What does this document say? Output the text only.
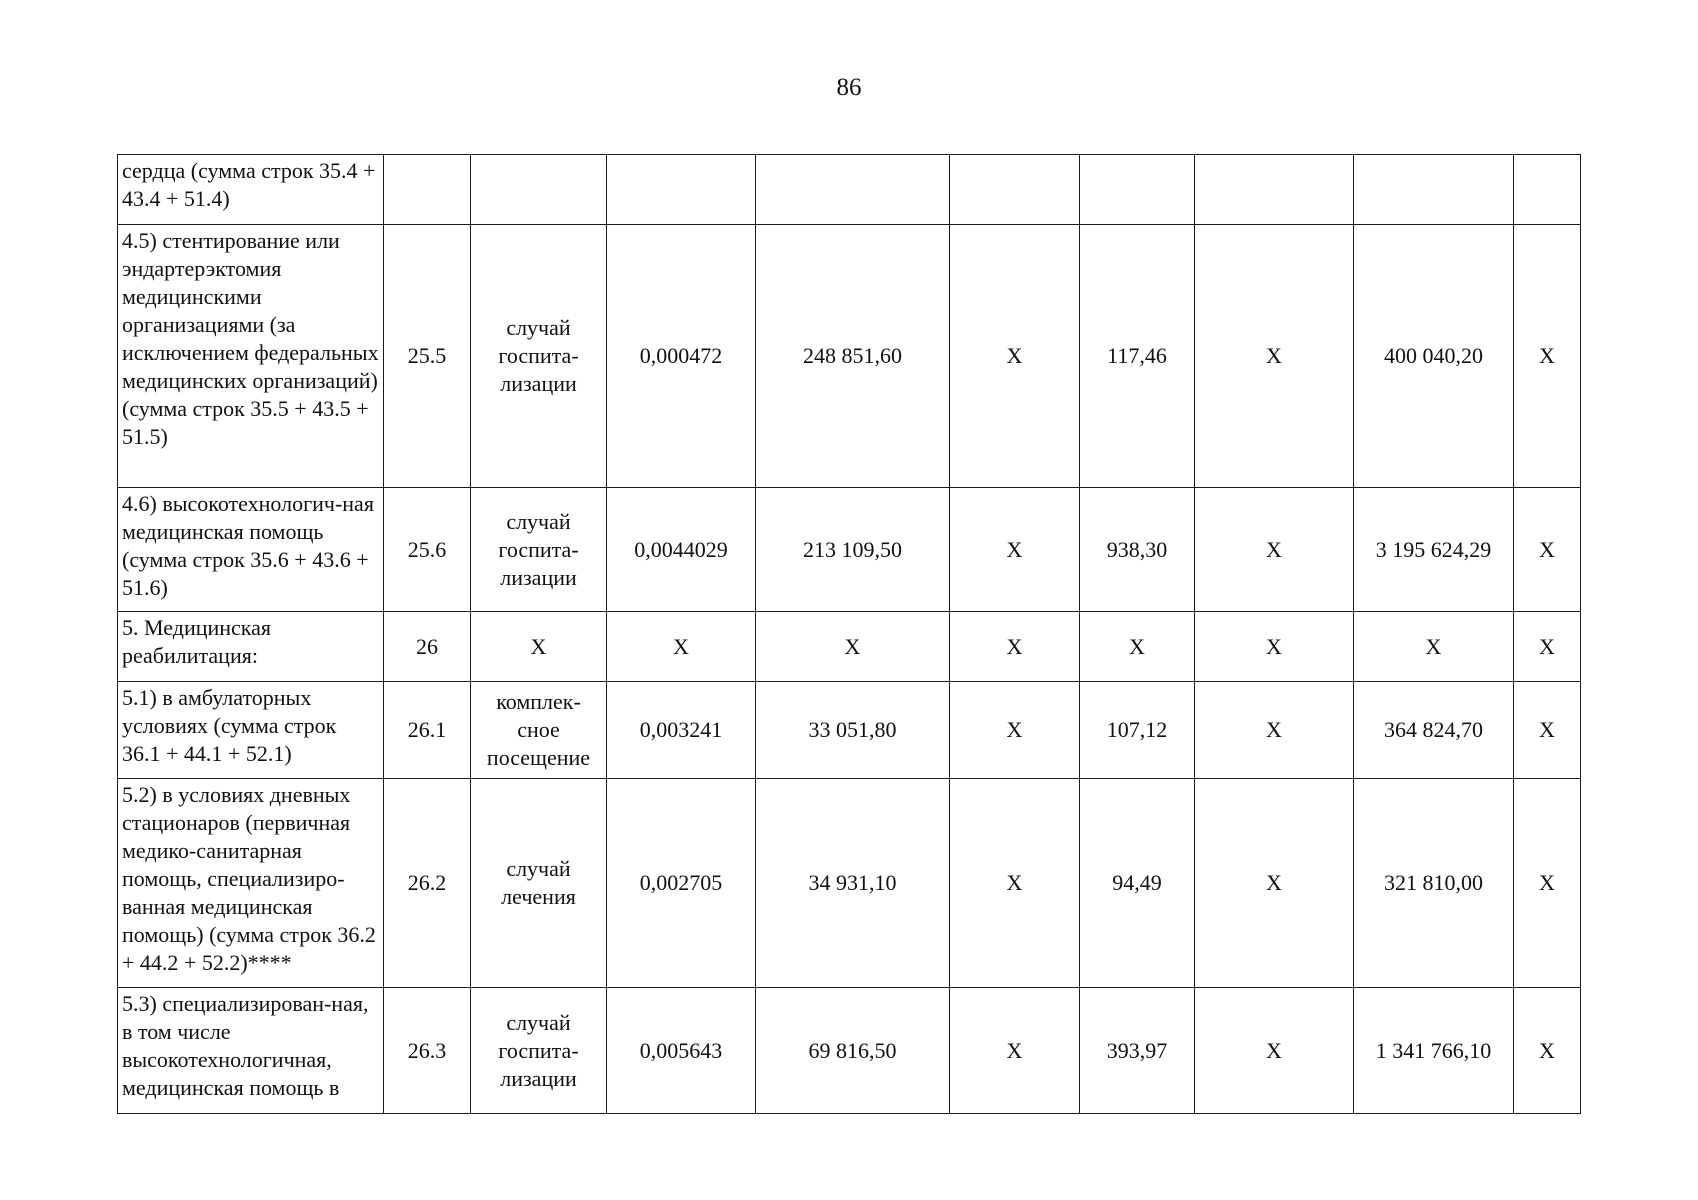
86
сердца (сумма строк 35.4 + 43.4 + 51.4)									
4.5) стентирование или эндартерэктомия медицинскими организациями (за исключением федеральных медицинских организаций) (сумма строк 35.5 + 43.5 + 51.5)	25.5	случай госпита-лизации	0,000472	248 851,60	Х	117,46	Х	400 040,20	Х
4.6) высокотехнологич-ная медицинская помощь (сумма строк 35.6 + 43.6 + 51.6)	25.6	случай госпита-лизации	0,0044029	213 109,50	Х	938,30	Х	3 195 624,29	Х
5. Медицинская реабилитация:	26	Х	Х	Х	Х	Х	Х	Х	Х
5.1) в амбулаторных условиях (сумма строк 36.1 + 44.1 + 52.1)	26.1	комплек-сное посещение	0,003241	33 051,80	Х	107,12	Х	364 824,70	Х
5.2) в условиях дневных стационаров (первичная медико-санитарная помощь, специализиро-ванная медицинская помощь) (сумма строк 36.2 + 44.2 + 52.2)****	26.2	случай лечения	0,002705	34 931,10	Х	94,49	Х	321 810,00	Х
5.3) специализирован-ная, в том числе высокотехнологичная, медицинская помощь в	26.3	случай госпита-лизации	0,005643	69 816,50	Х	393,97	Х	1 341 766,10	Х
